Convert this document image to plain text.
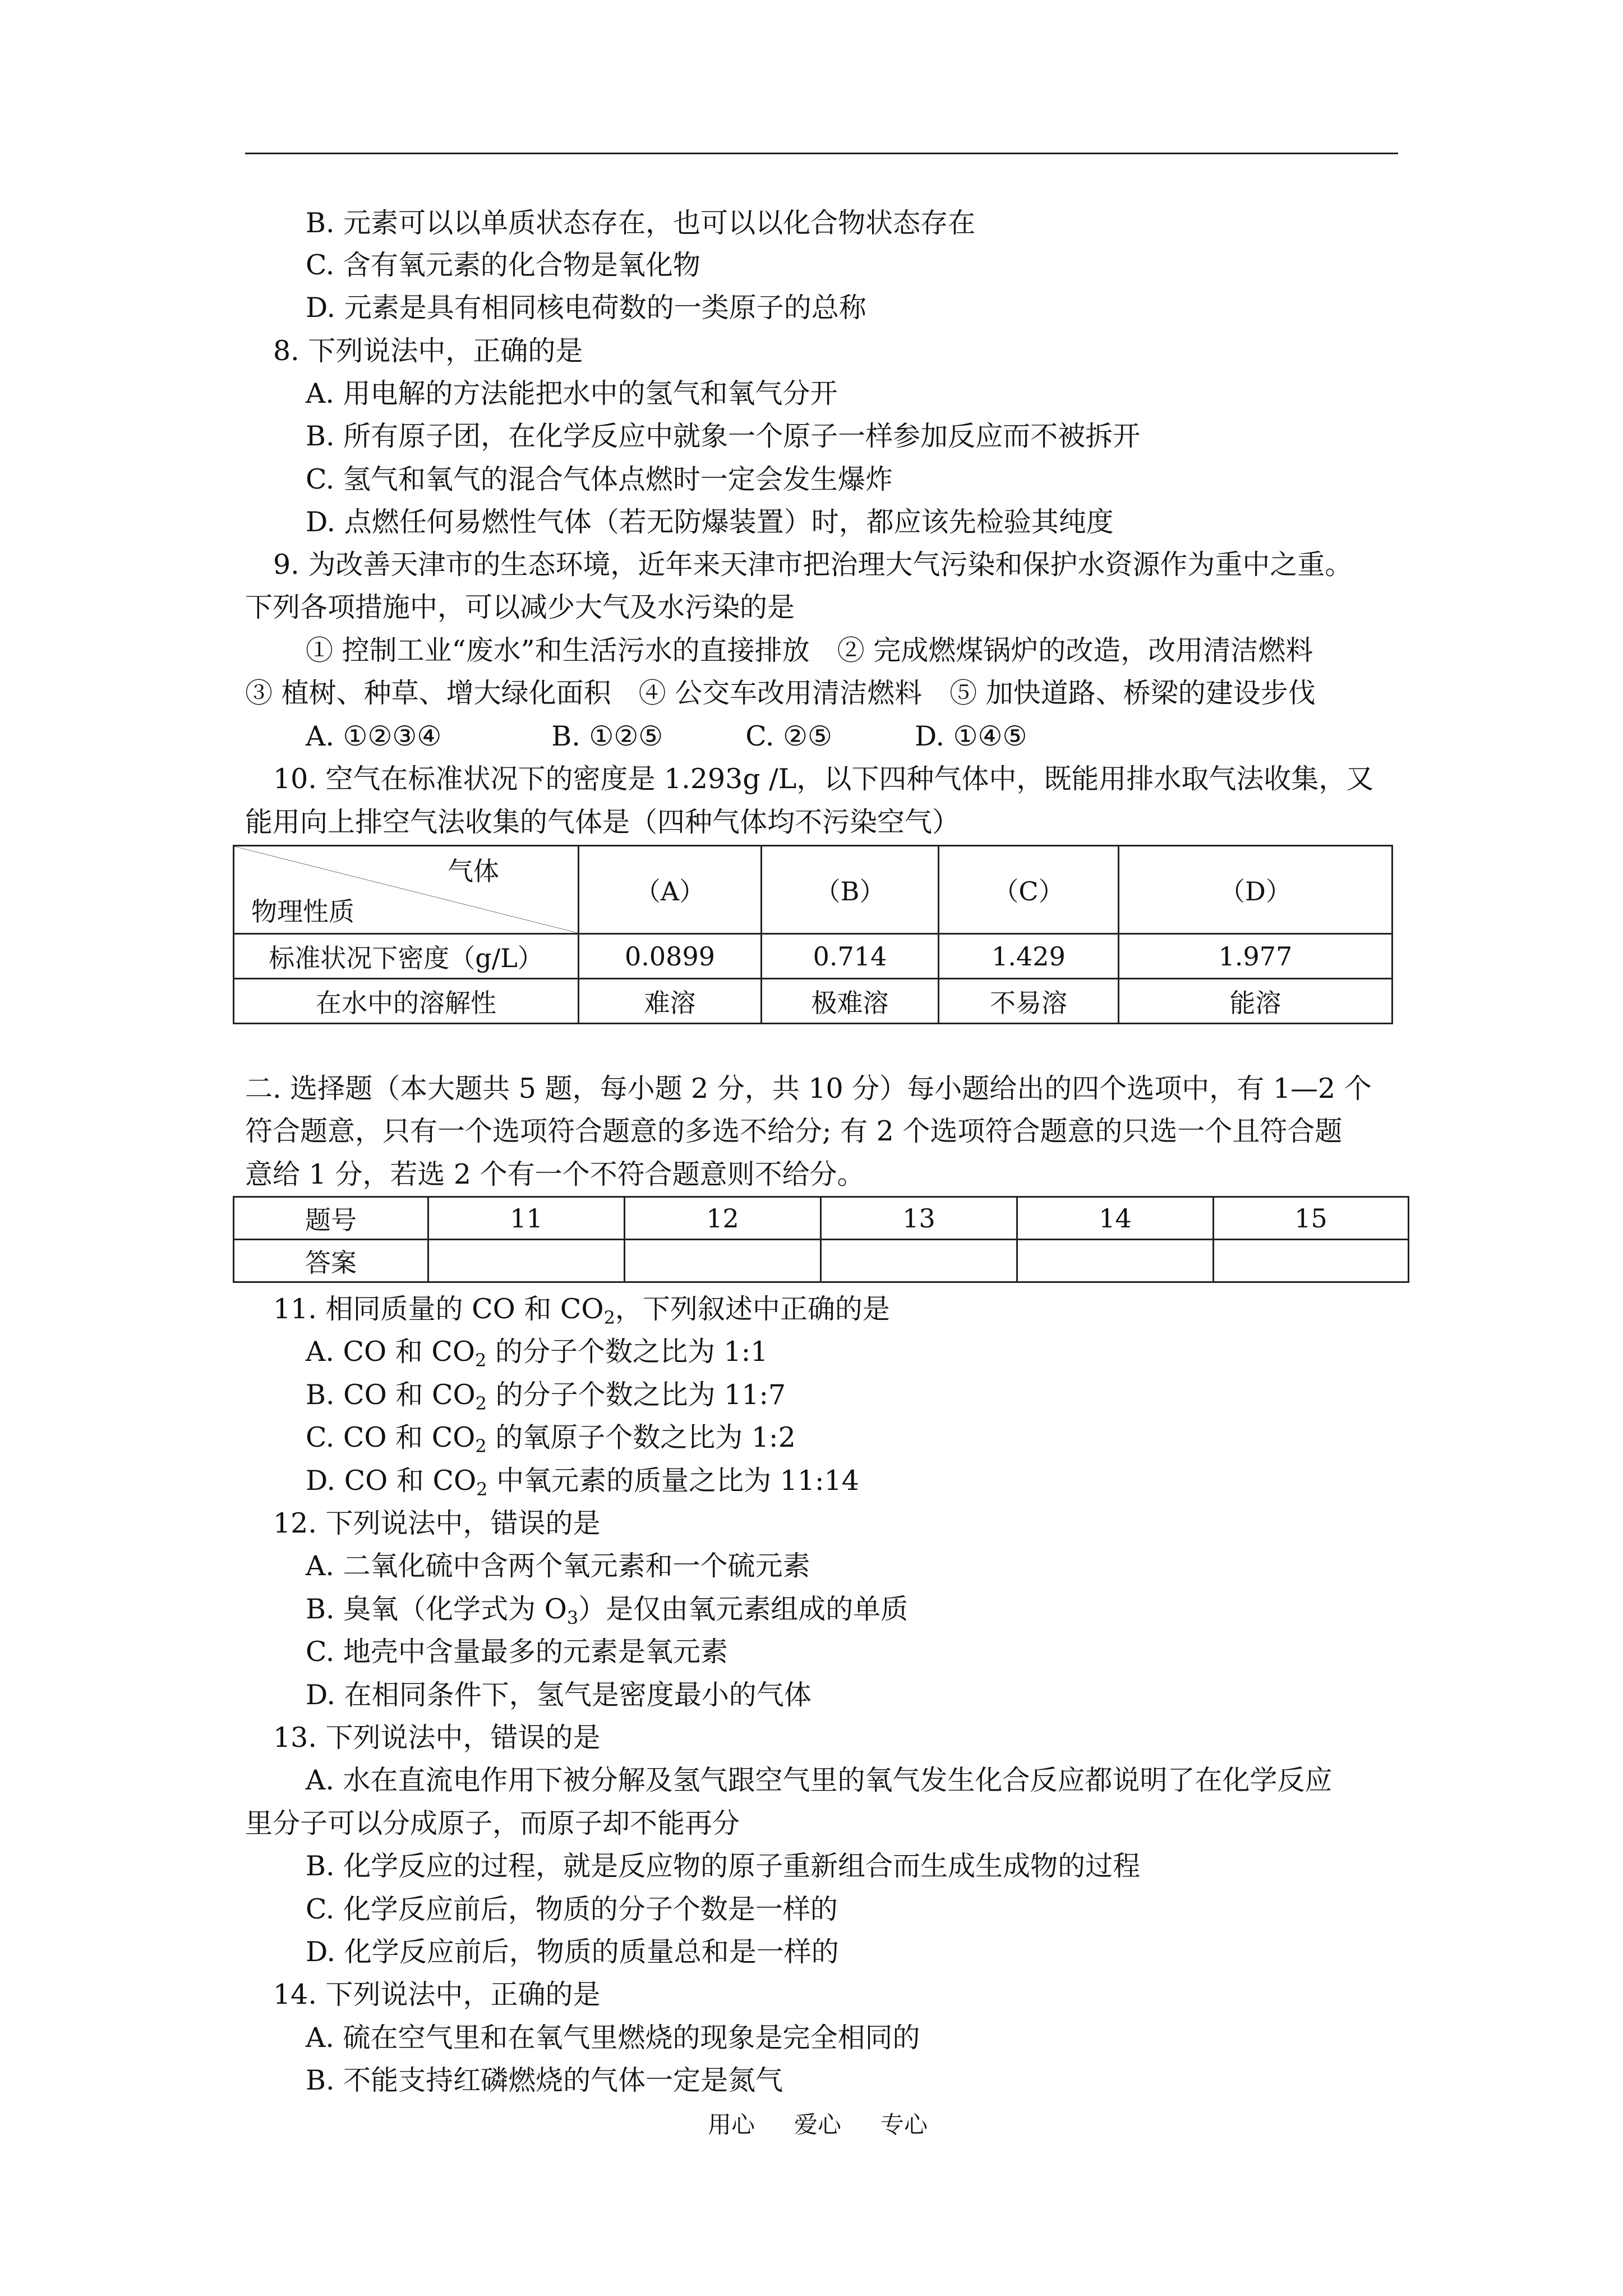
B. 元素可以以单质状态存在，也可以以化合物状态存在
C. 含有氧元素的化合物是氧化物
D. 元素是具有相同核电荷数的一类原子的总称
8. 下列说法中，正确的是
A. 用电解的方法能把水中的氢气和氧气分开
B. 所有原子团，在化学反应中就象一个原子一样参加反应而不被拆开
C. 氢气和氧气的混合气体点燃时一定会发生爆炸
D. 点燃任何易燃性气体（若无防爆装置）时，都应该先检验其纯度
9. 为改善天津市的生态环境，近年来天津市把治理大气污染和保护水资源作为重中之重。
下列各项措施中，可以减少大气及水污染的是
① 控制工业“废水”和生活污水的直接排放　② 完成燃煤锅炉的改造，改用清洁燃料
③ 植树、种草、增大绿化面积　④ 公交车改用清洁燃料　⑤ 加快道路、桥梁的建设步伐
A. ①②③④　　　　B. ①②⑤　　　C. ②⑤　　　D. ①④⑤
10. 空气在标准状况下的密度是 1.293g /L，以下四种气体中，既能用排水取气法收集，又
能用向上排空气法收集的气体是（四种气体均不污染空气）
气体
物理性质	（A）	（B）	（C）	（D）
标准状况下密度（g/L）	0.0899	0.714	1.429	1.977
在水中的溶解性	难溶	极难溶	不易溶	能溶
二. 选择题（本大题共 5 题，每小题 2 分，共 10 分）每小题给出的四个选项中，有 1—2 个
符合题意，只有一个选项符合题意的多选不给分; 有 2 个选项符合题意的只选一个且符合题
意给 1 分，若选 2 个有一个不符合题意则不给分。
题号	11	12	13	14	15
答案					
11. 相同质量的 CO 和 $CO_2$，下列叙述中正确的是
A. CO 和 $CO_2$ 的分子个数之比为 1:1
B. CO 和 $CO_2$ 的分子个数之比为 11:7
C. CO 和 $CO_2$ 的氧原子个数之比为 1:2
D. CO 和 $CO_2$ 中氧元素的质量之比为 11:14
12. 下列说法中，错误的是
A. 二氧化硫中含两个氧元素和一个硫元素
B. 臭氧（化学式为 $O_3$）是仅由氧元素组成的单质
C. 地壳中含量最多的元素是氧元素
D. 在相同条件下，氢气是密度最小的气体
13. 下列说法中，错误的是
A. 水在直流电作用下被分解及氢气跟空气里的氧气发生化合反应都说明了在化学反应
里分子可以分成原子，而原子却不能再分
B. 化学反应的过程，就是反应物的原子重新组合而生成生成物的过程
C. 化学反应前后，物质的分子个数是一样的
D. 化学反应前后，物质的质量总和是一样的
14. 下列说法中，正确的是
A. 硫在空气里和在氧气里燃烧的现象是完全相同的
B. 不能支持红磷燃烧的气体一定是氮气
用心 爱心 专心
